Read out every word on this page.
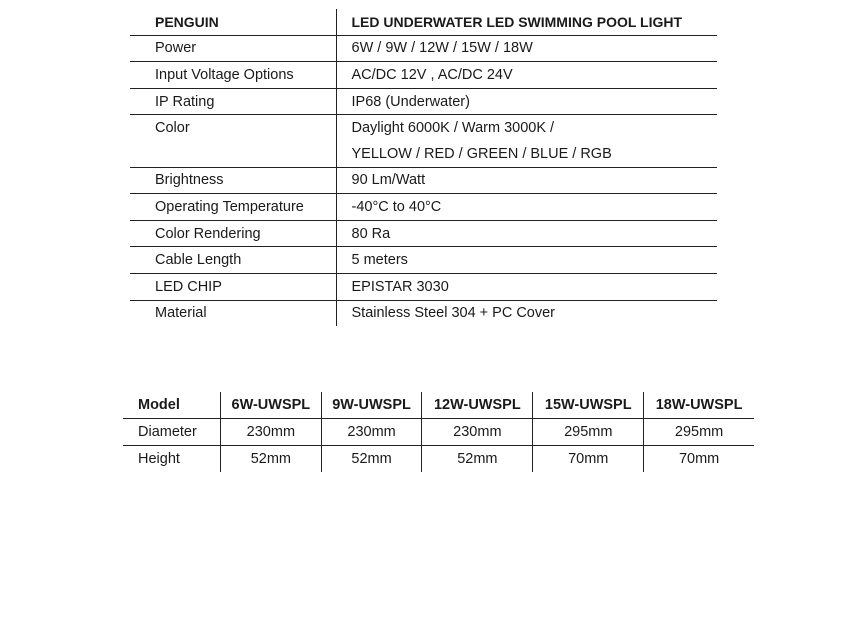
PENGUIN	LED UNDERWATER LED SWIMMING POOL LIGHT
Power	6W / 9W / 12W / 15W / 18W
Input Voltage Options	AC/DC 12V , AC/DC 24V
IP Rating	IP68 (Underwater)
Color	Daylight 6000K / Warm 3000K /
	YELLOW / RED / GREEN / BLUE / RGB
Brightness	90 Lm/Watt
Operating Temperature	-40°C to 40°C
Color Rendering	80 Ra
Cable Length	5 meters
LED CHIP	EPISTAR 3030
Material	Stainless Steel 304 + PC Cover
Model	6W-UWSPL	9W-UWSPL	12W-UWSPL	15W-UWSPL	18W-UWSPL
Diameter	230mm	230mm	230mm	295mm	295mm
Height	52mm	52mm	52mm	70mm	70mm
